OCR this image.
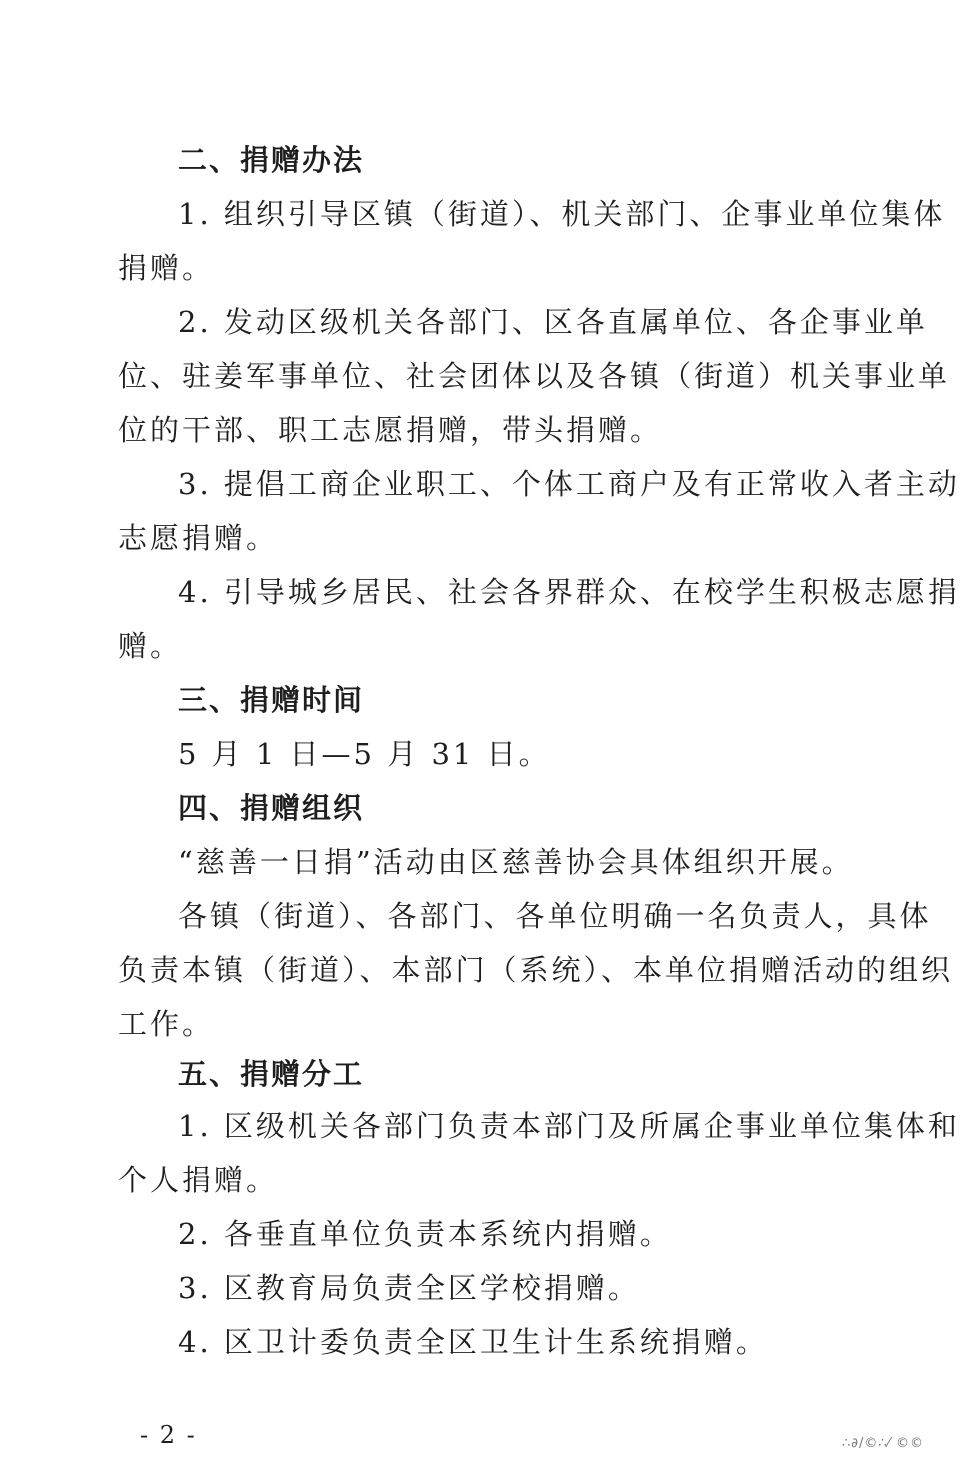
二、捐赠办法
1. 组织引导区镇（街道）、机关部门、企事业单位集体
捐赠。
2. 发动区级机关各部门、区各直属单位、各企事业单
位、驻姜军事单位、社会团体以及各镇（街道）机关事业单
位的干部、职工志愿捐赠，带头捐赠。
3. 提倡工商企业职工、个体工商户及有正常收入者主动
志愿捐赠。
4. 引导城乡居民、社会各界群众、在校学生积极志愿捐
赠。
三、捐赠时间
5 月 1 日—5 月 31 日。
四、捐赠组织
“慈善一日捐”活动由区慈善协会具体组织开展。
各镇（街道）、各部门、各单位明确一名负责人，具体
负责本镇（街道）、本部门（系统）、本单位捐赠活动的组织
工作。
五、捐赠分工
1. 区级机关各部门负责本部门及所属企事业单位集体和
个人捐赠。
2. 各垂直单位负责本系统内捐赠。
3. 区教育局负责全区学校捐赠。
4. 区卫计委负责全区卫生计生系统捐赠。
- 2 -	∴∂/©∴⁄ ©©
